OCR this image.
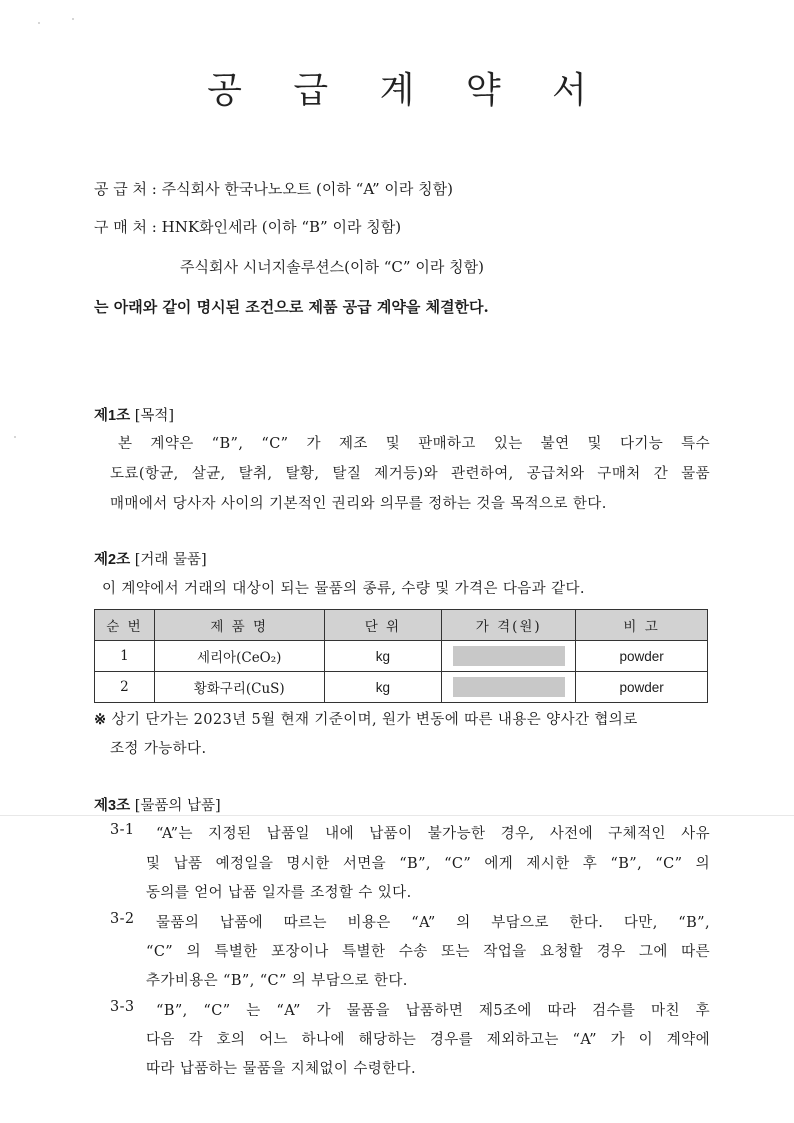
공 급 계 약 서
공 급 처 : 주식회사 한국나노오트 (이하 “A” 이라 칭함)
구 매 처 : HNK화인세라 (이하 “B” 이라 칭함)
주식회사 시너지솔루션스(이하 “C” 이라 칭함)
는 아래와 같이 명시된 조건으로 제품 공급 계약을 체결한다.
제1조 [목적]
본 계약은 “B”, “C” 가 제조 및 판매하고 있는 불연 및 다기능 특수
도료(항균, 살균, 탈취, 탈황, 탈질 제거등)와 관련하여, 공급처와 구매처 간 물품
매매에서 당사자 사이의 기본적인 권리와 의무를 정하는 것을 목적으로 한다.
제2조 [거래 물품]
이 계약에서 거래의 대상이 되는 물품의 종류, 수량 및 가격은 다음과 같다.
순 번	제 품 명	단 위	가 격(원)	비 고
1	세리아(CeO₂)	kg		powder
2	황화구리(CuS)	kg		powder
※ 상기 단가는 2023년 5월 현재 기준이며, 원가 변동에 따른 내용은 양사간 협의로
조정 가능하다.
제3조 [물품의 납품]
3-1 “A”는 지정된 납품일 내에 납품이 불가능한 경우, 사전에 구체적인 사유
및 납품 예정일을 명시한 서면을 “B”, “C” 에게 제시한 후 “B”, “C” 의
동의를 얻어 납품 일자를 조정할 수 있다.
3-2 물품의 납품에 따르는 비용은 “A” 의 부담으로 한다. 다만, “B”,
“C” 의 특별한 포장이나 특별한 수송 또는 작업을 요청할 경우 그에 따른
추가비용은 “B”, “C” 의 부담으로 한다.
3-3 “B”, “C” 는 “A” 가 물품을 납품하면 제5조에 따라 검수를 마친 후
다음 각 호의 어느 하나에 해당하는 경우를 제외하고는 “A” 가 이 계약에
따라 납품하는 물품을 지체없이 수령한다.
